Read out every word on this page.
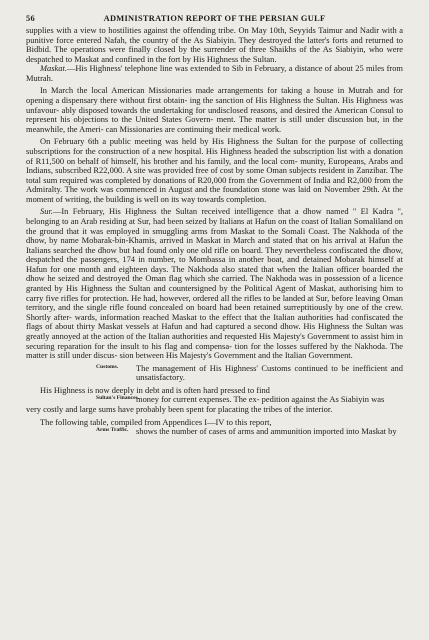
56	ADMINISTRATION REPORT OF THE PERSIAN GULF

supplies with a view to hostilities against the offending tribe. On May 10th, Seyyids Taimur and Nadir with a punitive force entered Nafah, the country of the As Siabiyin. They destroyed the latter's forts and returned to Bidbid. The operations were finally closed by the surrender of three Shaikhs of the As Siabiyin, who were despatched to Maskat and confined in the fort by His Highness the Sultan.

Maskat.—His Highness' telephone line was extended to Sib in February, a distance of about 25 miles from Mutrah.

In March the local American Missionaries made arrangements for taking a house in Mutrah and for opening a dispensary there without first obtain- ing the sanction of His Highness the Sultan. His Highness was unfavour- ably disposed towards the undertaking for undisclosed reasons, and desired the American Consul to represent his objections to the United States Govern- ment. The matter is still under discussion but, in the meanwhile, the Ameri- can Missionaries are continuing their medical work.

On February 6th a public meeting was held by His Highness the Sultan for the purpose of collecting subscriptions for the construction of a new hospital. His Highness headed the subscription list with a donation of R11,500 on behalf of himself, his brother and his family, and the local com- munity, Europeans, Arabs and Indians, subscribed R22,000. A site was provided free of cost by some Oman subjects resident in Zanzibar. The total sum required was completed by donations of R20,000 from the Government of India and R2,000 from the Admiralty. The work was commenced in August and the foundation stone was laid on November 29th. At the moment of writing, the building is well on its way towards completion.

Sur.—In February, His Highness the Sultan received intelligence that a dhow named " El Kadra ", belonging to an Arab residing at Sur, had been seized by Italians at Hafun on the coast of Italian Somaliland on the ground that it was employed in smuggling arms from Maskat to the Somali Coast. The Nakhoda of the dhow, by name Mobarak-bin-Khamis, arrived in Maskat in March and stated that on his arrival at Hafun the Italians searched the dhow but had found only one old rifle on board. They nevertheless confiscated the dhow, despatched the passengers, 174 in number, to Mombassa in another boat, and detained Mobarak himself at Hafun for one month and eighteen days. The Nakhoda also stated that when the Italian officer boarded the dhow he seized and destroyed the Oman flag which she carried. The Nakhoda was in possession of a licence granted by His Highness the Sultan and countersigned by the Political Agent of Maskat, authorising him to carry five rifles for protection. He had, however, ordered all the rifles to be landed at Sur, before leaving Oman territory, and the single rifle found concealed on board had been retained surreptitiously by one of the crew. Shortly after- wards, information reached Maskat to the effect that the Italian authorities had confiscated the flags of about thirty Maskat vessels at Hafun and had captured a second dhow. His Highness the Sultan was greatly annoyed at the action of the Italian authorities and requested His Majesty's Government to assist him in securing reparation for the insult to his flag and compensa- tion for the losses suffered by the Nakhoda. The matter is still under discus- sion between His Majesty's Government and the Italian Government.

Customs.	The management of His Highness' Customs continued to be inefficient and unsatisfactory.

His Highness is now deeply in debt and is often hard pressed to find

Sultan's Finances.
money for current expenses. The ex- pedition against the As Siabiyin was

very costly and large sums have probably been spent for placating the tribes of the interior.

The following table, compiled from Appendices I—IV to this report,

Arms Traffic. shows the number of cases of arms and ammunition imported into Maskat by
